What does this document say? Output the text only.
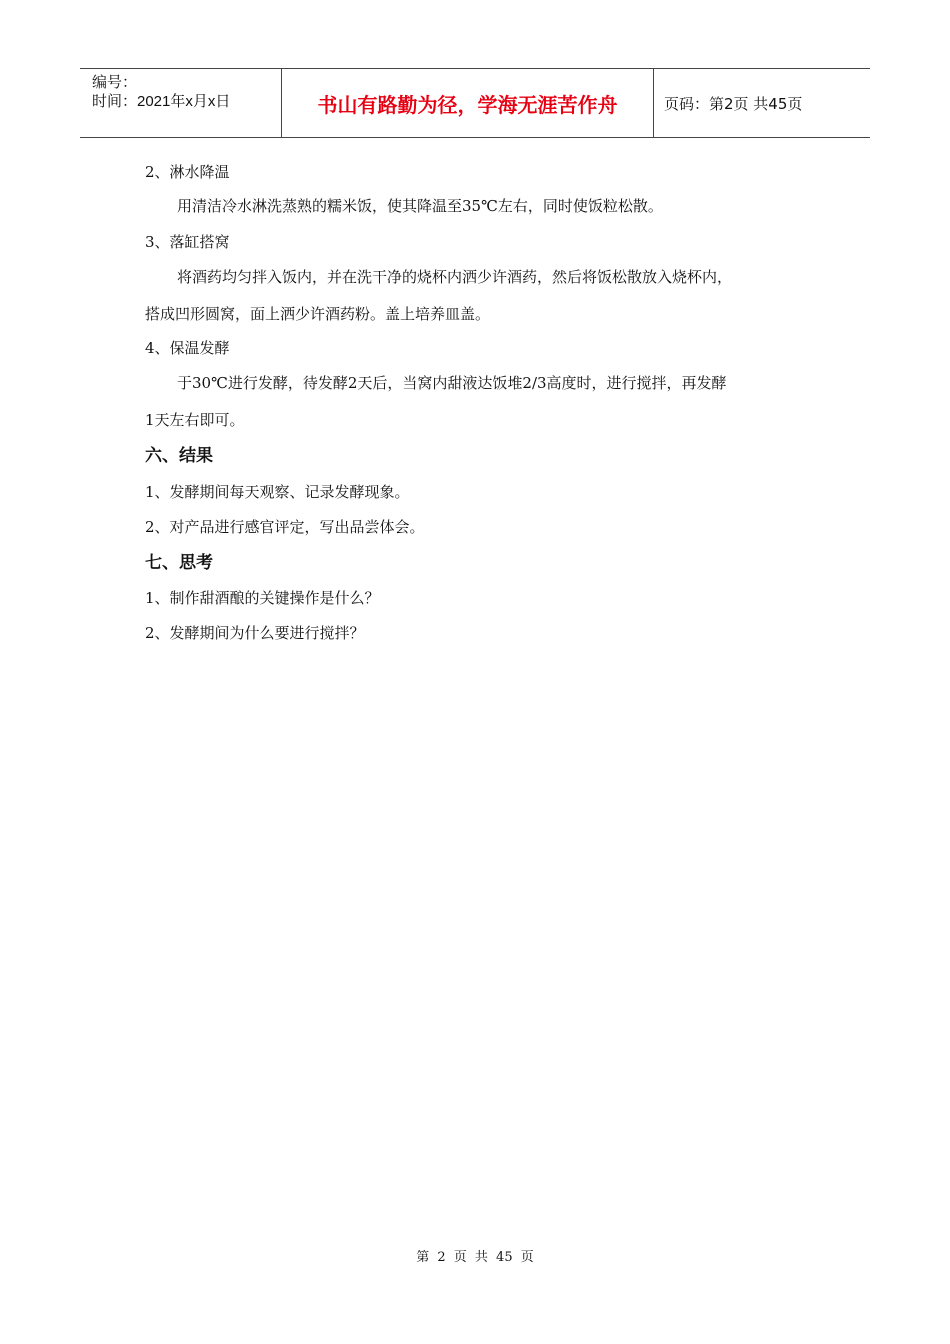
编号：
时间：2021年x月x日	书山有路勤为径，学海无涯苦作舟	页码：第2页 共45页
2、淋水降温
用清洁冷水淋洗蒸熟的糯米饭，使其降温至35℃左右，同时使饭粒松散。
3、落缸搭窝
将酒药均匀拌入饭内，并在洗干净的烧杯内洒少许酒药，然后将饭松散放入烧杯内，
搭成凹形圆窝，面上洒少许酒药粉。盖上培养皿盖。
4、保温发酵
于30℃进行发酵，待发酵2天后，当窝内甜液达饭堆2/3高度时，进行搅拌，再发酵
1天左右即可。
六、结果
1、发酵期间每天观察、记录发酵现象。
2、对产品进行感官评定，写出品尝体会。
七、思考
1、制作甜酒酿的关键操作是什么？
2、发酵期间为什么要进行搅拌？
第 2 页 共 45 页
